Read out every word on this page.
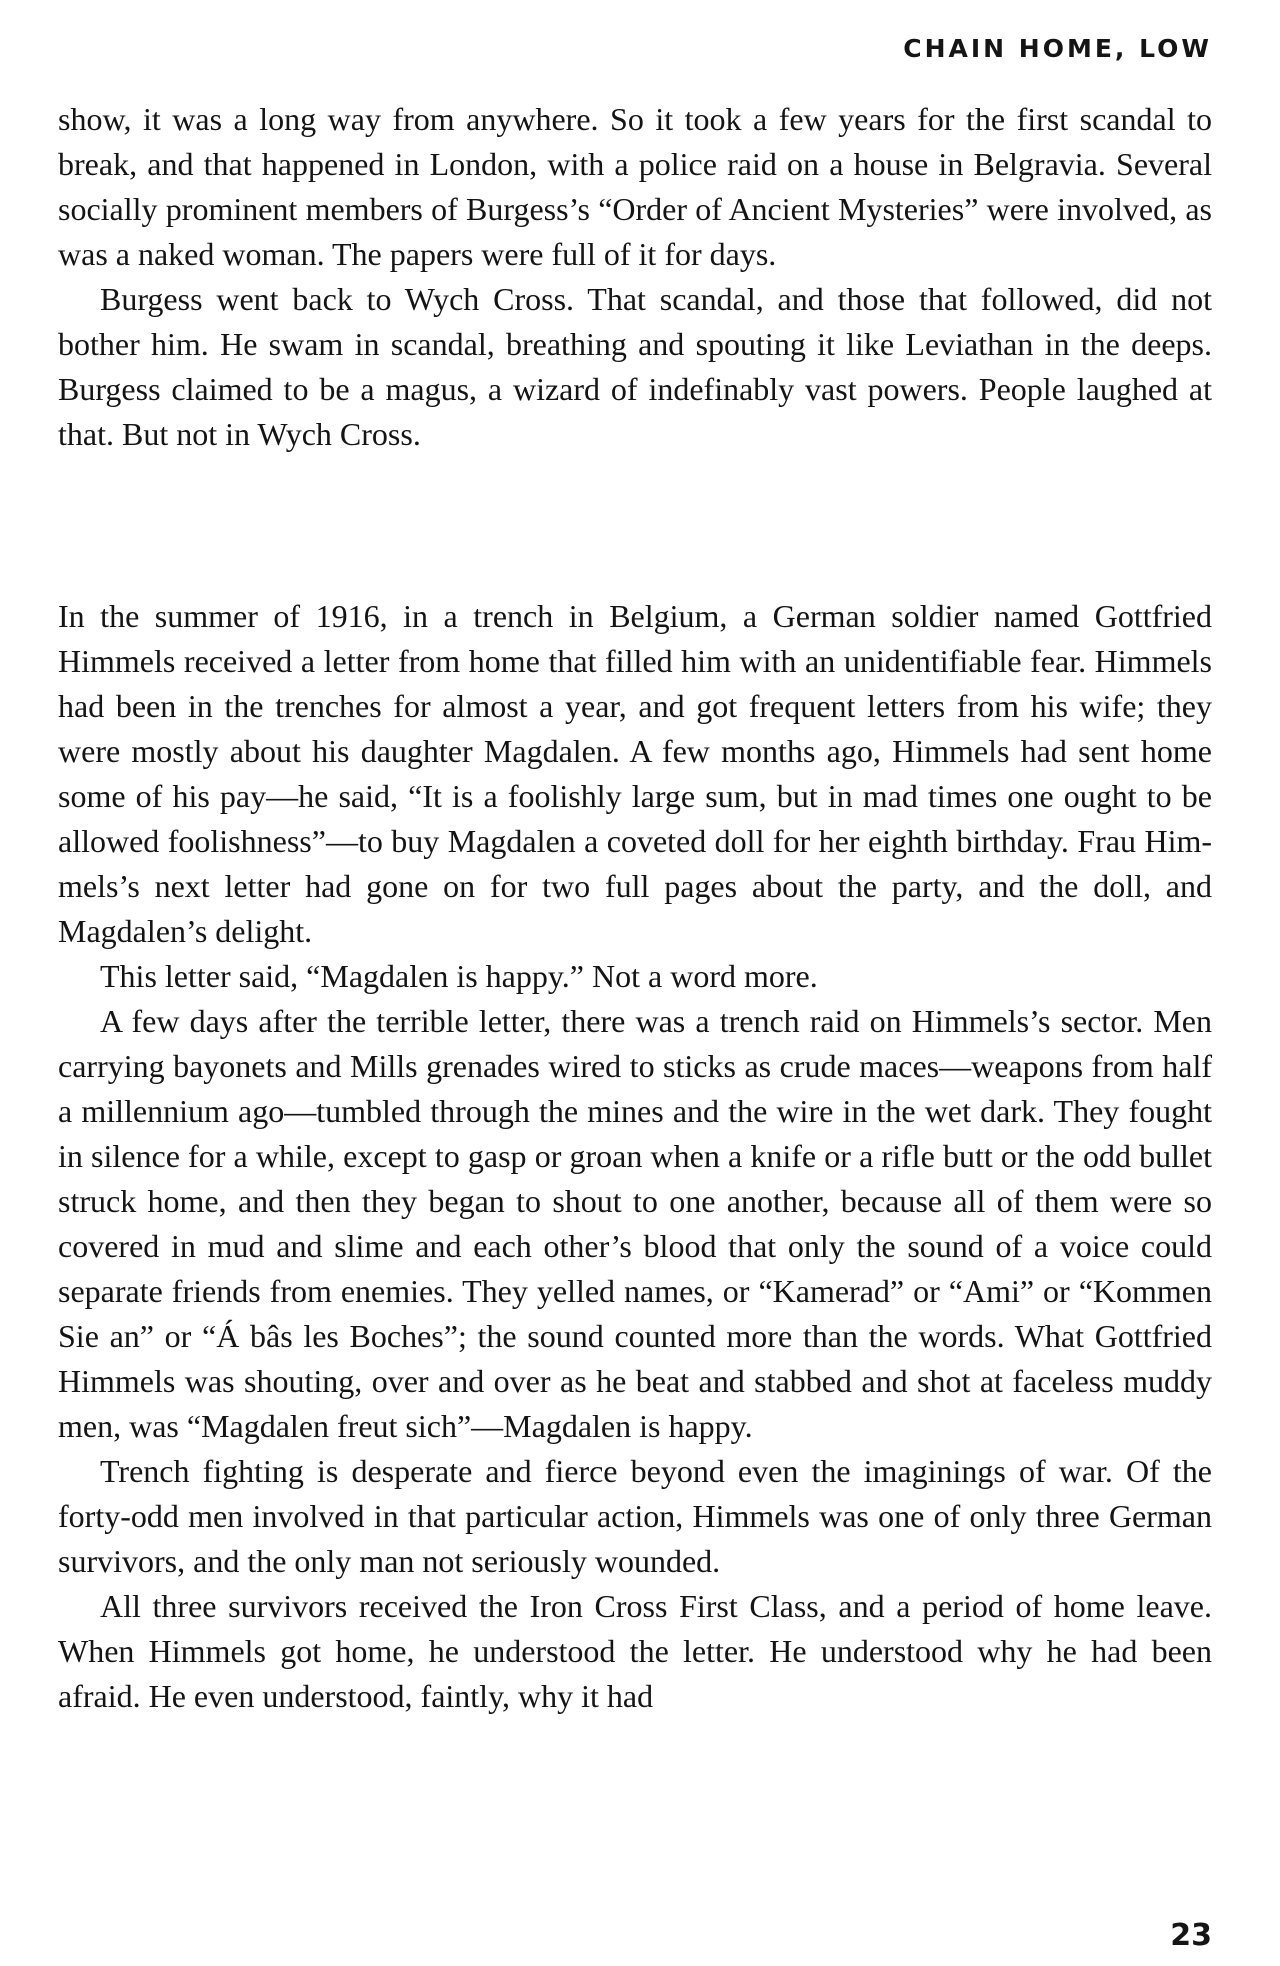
CHAIN HOME, LOW

show, it was a long way from anywhere. So it took a few years for the first scandal to break, and that happened in London, with a police raid on a house in Belgravia. Several socially prominent members of Burgess’s “Order of Ancient Mysteries” were involved, as was a naked woman. The papers were full of it for days.

Burgess went back to Wych Cross. That scandal, and those that followed, did not bother him. He swam in scandal, breathing and spouting it like Leviathan in the deeps. Burgess claimed to be a magus, a wizard of indefinably vast powers. People laughed at that. But not in Wych Cross.

In the summer of 1916, in a trench in Belgium, a German soldier named Gottfried Himmels received a letter from home that filled him with an unidentifiable fear. Himmels had been in the trenches for almost a year, and got frequent letters from his wife; they were mostly about his daughter Magdalen. A few months ago, Himmels had sent home some of his pay—he said, “It is a foolishly large sum, but in mad times one ought to be allowed foolishness”—to buy Magdalen a coveted doll for her eighth birthday. Frau Himmels’s next letter had gone on for two full pages about the party, and the doll, and Magdalen’s delight.

This letter said, “Magdalen is happy.” Not a word more.

A few days after the terrible letter, there was a trench raid on Himmels’s sector. Men carrying bayonets and Mills grenades wired to sticks as crude maces—weapons from half a millennium ago—tumbled through the mines and the wire in the wet dark. They fought in silence for a while, except to gasp or groan when a knife or a rifle butt or the odd bullet struck home, and then they began to shout to one another, because all of them were so covered in mud and slime and each other’s blood that only the sound of a voice could separate friends from enemies. They yelled names, or “Kamerad” or “Ami” or “Kommen Sie an” or “Á bâs les Boches”; the sound counted more than the words. What Gottfried Himmels was shouting, over and over as he beat and stabbed and shot at faceless muddy men, was “Magdalen freut sich”—Magdalen is happy.

Trench fighting is desperate and fierce beyond even the imaginings of war. Of the forty-odd men involved in that particular action, Himmels was one of only three German survivors, and the only man not seriously wounded.

All three survivors received the Iron Cross First Class, and a period of home leave. When Himmels got home, he understood the letter. He understood why he had been afraid. He even understood, faintly, why it had

23
